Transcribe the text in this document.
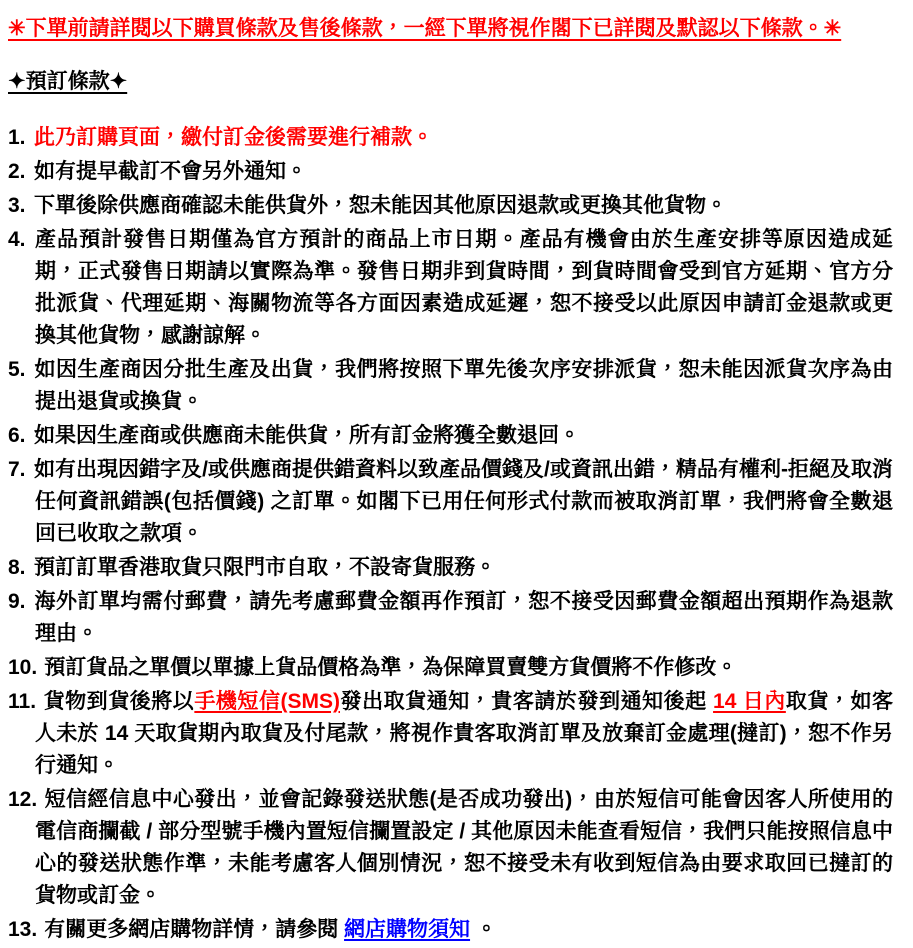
✳︎下單前請詳閱以下購買條款及售後條款，一經下單將視作閣下已詳閱及默認以下條款。✳︎

✦預訂條款✦
1. 此乃訂購頁面，繳付訂金後需要進行補款。
2. 如有提早截訂不會另外通知。
3. 下單後除供應商確認未能供貨外，恕未能因其他原因退款或更換其他貨物。
4. 產品預計發售日期僅為官方預計的商品上市日期。產品有機會由於生產安排等原因造成延期，正式發售日期請以實際為準。發售日期非到貨時間，到貨時間會受到官方延期、官方分批派貨、代理延期、海關物流等各方面因素造成延遲，恕不接受以此原因申請訂金退款或更換其他貨物，感謝諒解。
5. 如因生產商因分批生產及出貨，我們將按照下單先後次序安排派貨，恕未能因派貨次序為由提出退貨或換貨。
6. 如果因生產商或供應商未能供貨，所有訂金將獲全數退回。
7. 如有出現因錯字及/或供應商提供錯資料以致產品價錢及/或資訊出錯，精品有權利-拒絕及取消任何資訊錯誤(包括價錢) 之訂單。如閣下已用任何形式付款而被取消訂單，我們將會全數退回已收取之款項。
8. 預訂訂單香港取貨只限門市自取，不設寄貨服務。
9. 海外訂單均需付郵費，請先考慮郵費金額再作預訂，恕不接受因郵費金額超出預期作為退款理由。
10. 預訂貨品之單價以單據上貨品價格為準，為保障買賣雙方貨價將不作修改。
11. 貨物到貨後將以手機短信(SMS)發出取貨通知，貴客請於發到通知後起 14 日內取貨，如客人未於 14 天取貨期內取貨及付尾款，將視作貴客取消訂單及放棄訂金處理(撻訂)，恕不作另行通知。
12. 短信經信息中心發出，並會記錄發送狀態(是否成功發出)，由於短信可能會因客人所使用的電信商攔截 / 部分型號手機內置短信攔置設定 / 其他原因未能查看短信，我們只能按照信息中心的發送狀態作準，未能考慮客人個別情況，恕不接受未有收到短信為由要求取回已撻訂的貨物或訂金。
13. 有關更多網店購物詳情，請參閱 網店購物須知 。
